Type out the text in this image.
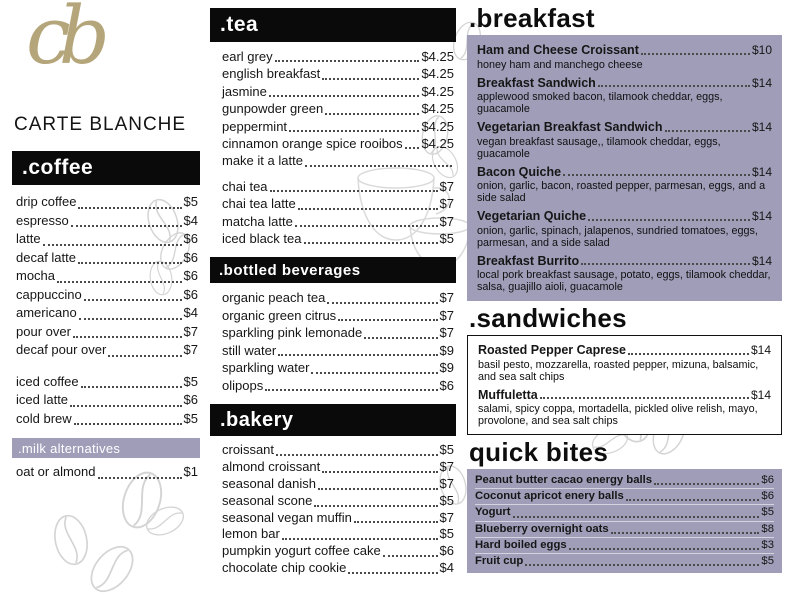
cb
CARTE BLANCHE
.coffee
drip coffee	$5
espresso	$4
latte	$6
decaf latte	$6
mocha	$6
cappuccino	$6
americano	$4
pour over	$7
decaf pour over	$7
iced coffee	$5
iced latte	$6
cold brew	$5
.milk alternatives
oat or almond	$1
.tea
earl grey	$4.25
english breakfast	$4.25
jasmine	$4.25
gunpowder green	$4.25
peppermint	$4.25
cinnamon orange spice rooibos $4.25
make it a latte
chai tea	$7
chai tea latte	$7
matcha latte	$7
iced black tea	$5
.bottled beverages
organic peach tea	$7
organic green citrus	$7
sparkling pink lemonade	$7
still water	$9
sparkling water	$9
olipops	$6
.bakery
croissant	$5
almond croissant	$7
seasonal danish	$7
seasonal scone	$5
seasonal vegan muffin	$7
lemon bar	$5
pumpkin yogurt coffee cake	$6
chocolate chip cookie	$4
.breakfast
Ham and Cheese Croissant	$10
honey ham and manchego cheese
Breakfast Sandwich	$14
applewood smoked bacon, tilamook cheddar, eggs, guacamole
Vegetarian Breakfast Sandwich	$14
vegan breakfast sausage,, tilamook cheddar, eggs, guacamole
Bacon Quiche	$14
onion, garlic, bacon, roasted pepper, parmesan, eggs, and a side salad
Vegetarian Quiche	$14
onion, garlic, spinach, jalapenos, sundried tomatoes, eggs, parmesan, and a side salad
Breakfast Burrito	$14
local pork breakfast sausage, potato, eggs, tilamook cheddar, salsa, guajillo aioli, guacamole
.sandwiches
Roasted Pepper Caprese	$14
basil pesto, mozzarella, roasted pepper, mizuna, balsamic, and sea salt chips
Muffuletta	$14
salami, spicy coppa, mortadella, pickled olive relish, mayo, provolone, and sea salt chips
quick bites
Peanut butter cacao energy balls	$6
Coconut apricot enery balls	$6
Yogurt	$5
Blueberry overnight oats	$8
Hard boiled eggs	$3
Fruit cup	$5
